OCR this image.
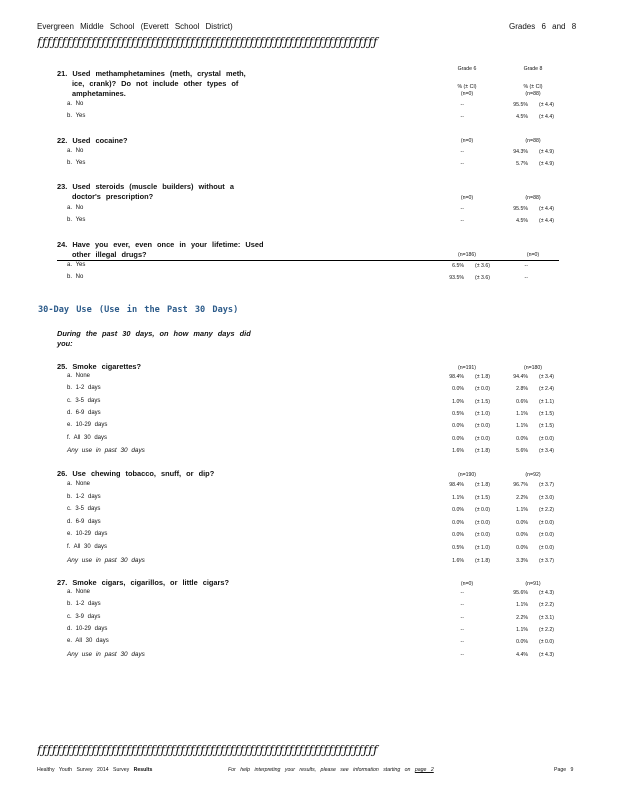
Evergreen Middle School (Everett School District)	Grades 6 and 8
ƒƒƒƒƒƒƒƒƒƒƒƒƒƒƒƒƒƒƒƒƒƒƒƒƒƒƒƒƒƒƒƒƒƒƒƒƒƒƒƒƒƒƒƒƒƒƒƒƒƒƒƒƒƒƒƒƒƒƒƒƒƒƒƒƒƒƒƒƒ
Grade 6	Grade 8
21. Used methamphetamines (meth, crystal meth,
ice, crank)? Do not include other types of
amphetamines.
% (± CI)	% (± CI)
(n=0)	(n=88)
a. No	--	95.5%	(± 4.4)
b. Yes	--	4.5%	(± 4.4)
22. Used cocaine?	(n=0)	(n=88)
a. No	--	94.3%	(± 4.9)
b. Yes	--	5.7%	(± 4.9)
23. Used steroids (muscle builders) without a
doctor's prescription?	(n=0)	(n=88)
a. No	--	95.5%	(± 4.4)
b. Yes	--	4.5%	(± 4.4)
24. Have you ever, even once in your lifetime: Used
other illegal drugs?	(n=186)	(n=0)
a. Yes	6.5%	(± 3.6)	--
b. No	93.5%	(± 3.6)	--
30-Day Use (Use in the Past 30 Days)
During the past 30 days, on how many days did
you:
25. Smoke cigarettes?	(n=191)	(n=180)
a. None	98.4%	(± 1.8)	94.4%	(± 3.4)
b. 1-2 days	0.0%	(± 0.0)	2.8%	(± 2.4)
c. 3-5 days	1.0%	(± 1.5)	0.6%	(± 1.1)
d. 6-9 days	0.5%	(± 1.0)	1.1%	(± 1.5)
e. 10-29 days	0.0%	(± 0.0)	1.1%	(± 1.5)
f. All 30 days	0.0%	(± 0.0)	0.0%	(± 0.0)
Any use in past 30 days	1.6%	(± 1.8)	5.6%	(± 3.4)
26. Use chewing tobacco, snuff, or dip?	(n=190)	(n=92)
a. None	98.4%	(± 1.8)	96.7%	(± 3.7)
b. 1-2 days	1.1%	(± 1.5)	2.2%	(± 3.0)
c. 3-5 days	0.0%	(± 0.0)	1.1%	(± 2.2)
d. 6-9 days	0.0%	(± 0.0)	0.0%	(± 0.0)
e. 10-29 days	0.0%	(± 0.0)	0.0%	(± 0.0)
f. All 30 days	0.5%	(± 1.0)	0.0%	(± 0.0)
Any use in past 30 days	1.6%	(± 1.8)	3.3%	(± 3.7)
27. Smoke cigars, cigarillos, or little cigars?	(n=0)	(n=91)
a. None	--	95.6%	(± 4.3)
b. 1-2 days	--	1.1%	(± 2.2)
c. 3-9 days	--	2.2%	(± 3.1)
d. 10-29 days	--	1.1%	(± 2.2)
e. All 30 days	--	0.0%	(± 0.0)
Any use in past 30 days	--	4.4%	(± 4.3)
ƒƒƒƒƒƒƒƒƒƒƒƒƒƒƒƒƒƒƒƒƒƒƒƒƒƒƒƒƒƒƒƒƒƒƒƒƒƒƒƒƒƒƒƒƒƒƒƒƒƒƒƒƒƒƒƒƒƒƒƒƒƒƒƒƒƒƒƒƒ
Healthy Youth Survey 2014 Survey Results	For help interpreting your results, please see information starting on page 2	Page 9
